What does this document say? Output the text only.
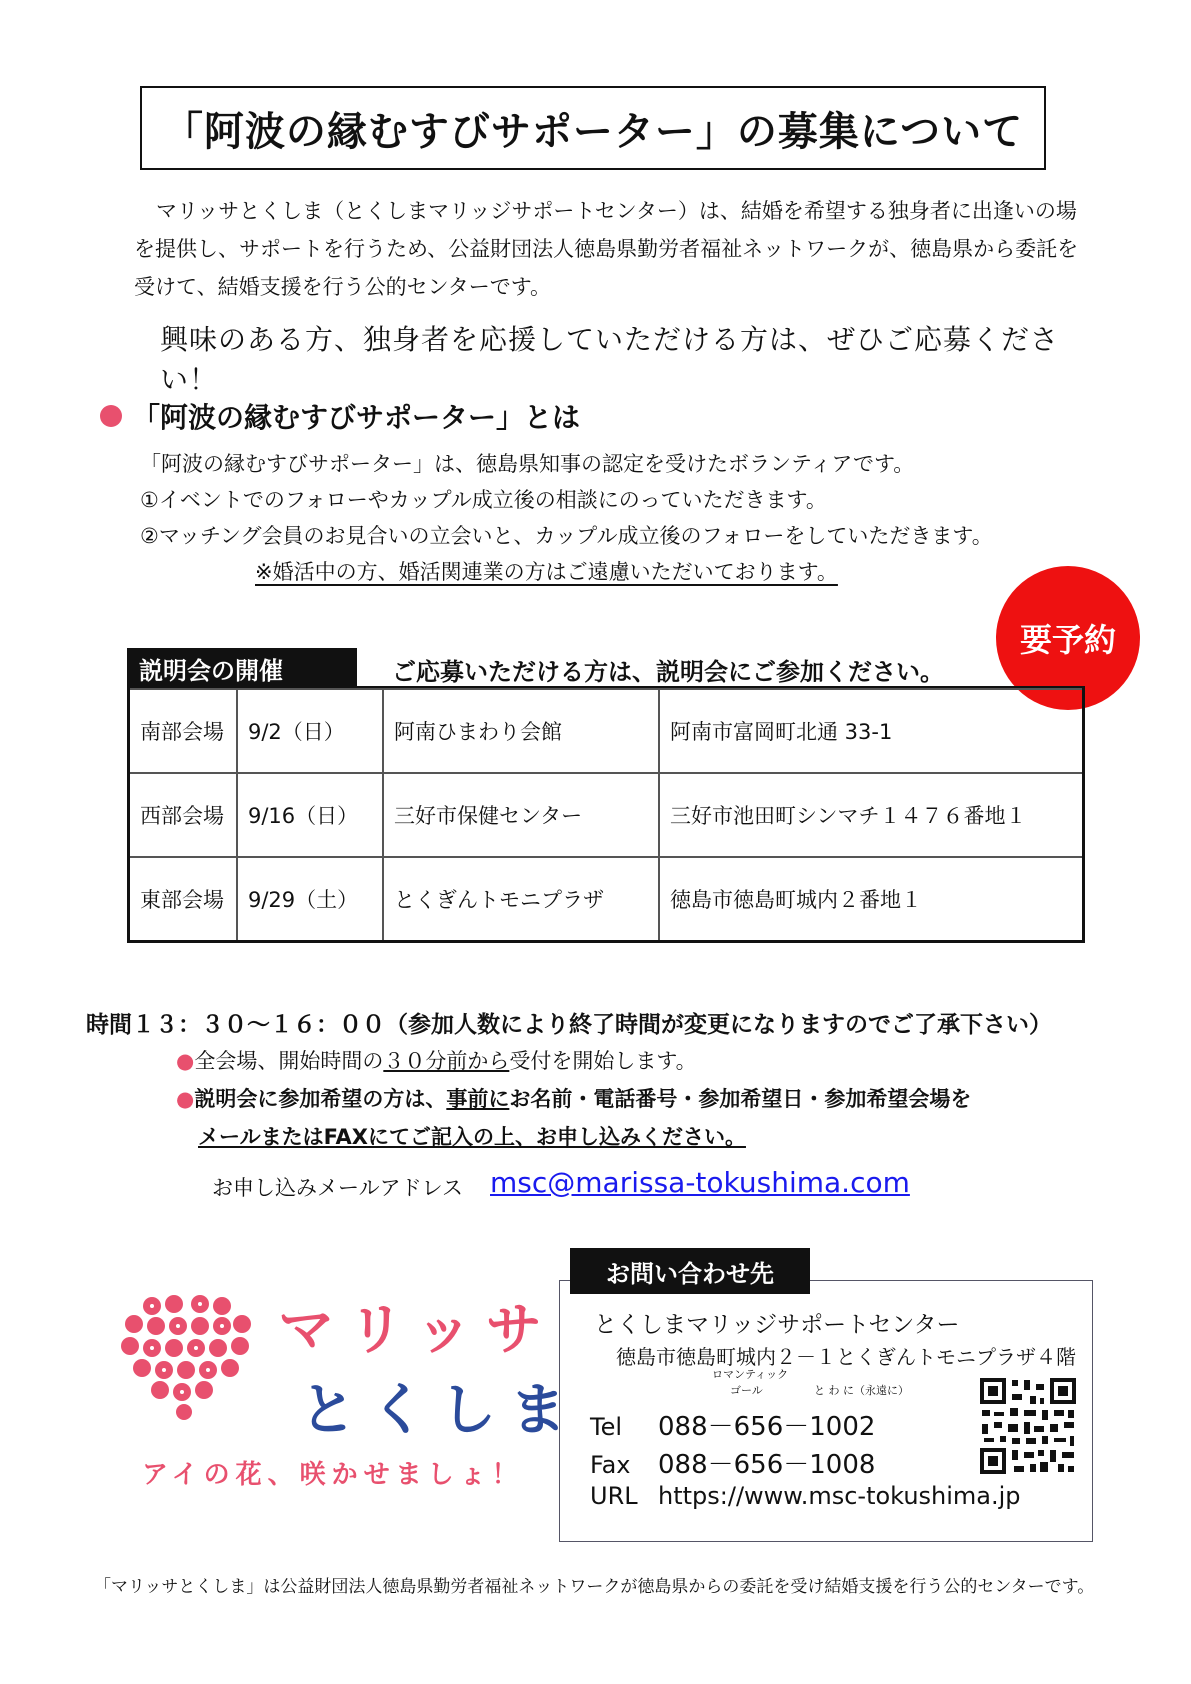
「阿波の縁むすびサポーター」の募集について
マリッサとくしま（とくしまマリッジサポートセンター）は、結婚を希望する独身者に出逢いの場を提供し、サポートを行うため、公益財団法人徳島県勤労者福祉ネットワークが、徳島県から委託を受けて、結婚支援を行う公的センターです。
興味のある方、独身者を応援していただける方は、ぜひご応募ください！
「阿波の縁むすびサポーター」とは
「阿波の縁むすびサポーター」は、徳島県知事の認定を受けたボランティアです。
①イベントでのフォローやカップル成立後の相談にのっていただきます。
②マッチング会員のお見合いの立会いと、カップル成立後のフォローをしていただきます。
※婚活中の方、婚活関連業の方はご遠慮いただいております。
要予約
説明会の開催	ご応募いただける方は、説明会にご参加ください。
南部会場	9/2（日）	阿南ひまわり会館	阿南市富岡町北通 33-1
西部会場	9/16（日）	三好市保健センター	三好市池田町シンマチ１４７６番地１
東部会場	9/29（土）	とくぎんトモニプラザ	徳島市徳島町城内２番地１
時間１３：３０～１６：００（参加人数により終了時間が変更になりますのでご了承下さい）
●全会場、開始時間の３０分前から受付を開始します。
●説明会に参加希望の方は、事前にお名前・電話番号・参加希望日・参加希望会場を
メールまたはFAXにてご記入の上、お申し込みください。
お申し込みメールアドレス msc@marissa-tokushima.com
マリッサ
とくしま
アイの花、咲かせましょ！
お問い合わせ先
とくしまマリッジサポートセンター
徳島市徳島町城内２－１とくぎんトモニプラザ４階
ロマンティック
ゴール	と わ に（永遠に）
Tel 088－656－1002
Fax 088－656－1008
URL https://www.msc-tokushima.jp
「マリッサとくしま」は公益財団法人徳島県勤労者福祉ネットワークが徳島県からの委託を受け結婚支援を行う公的センターです。
